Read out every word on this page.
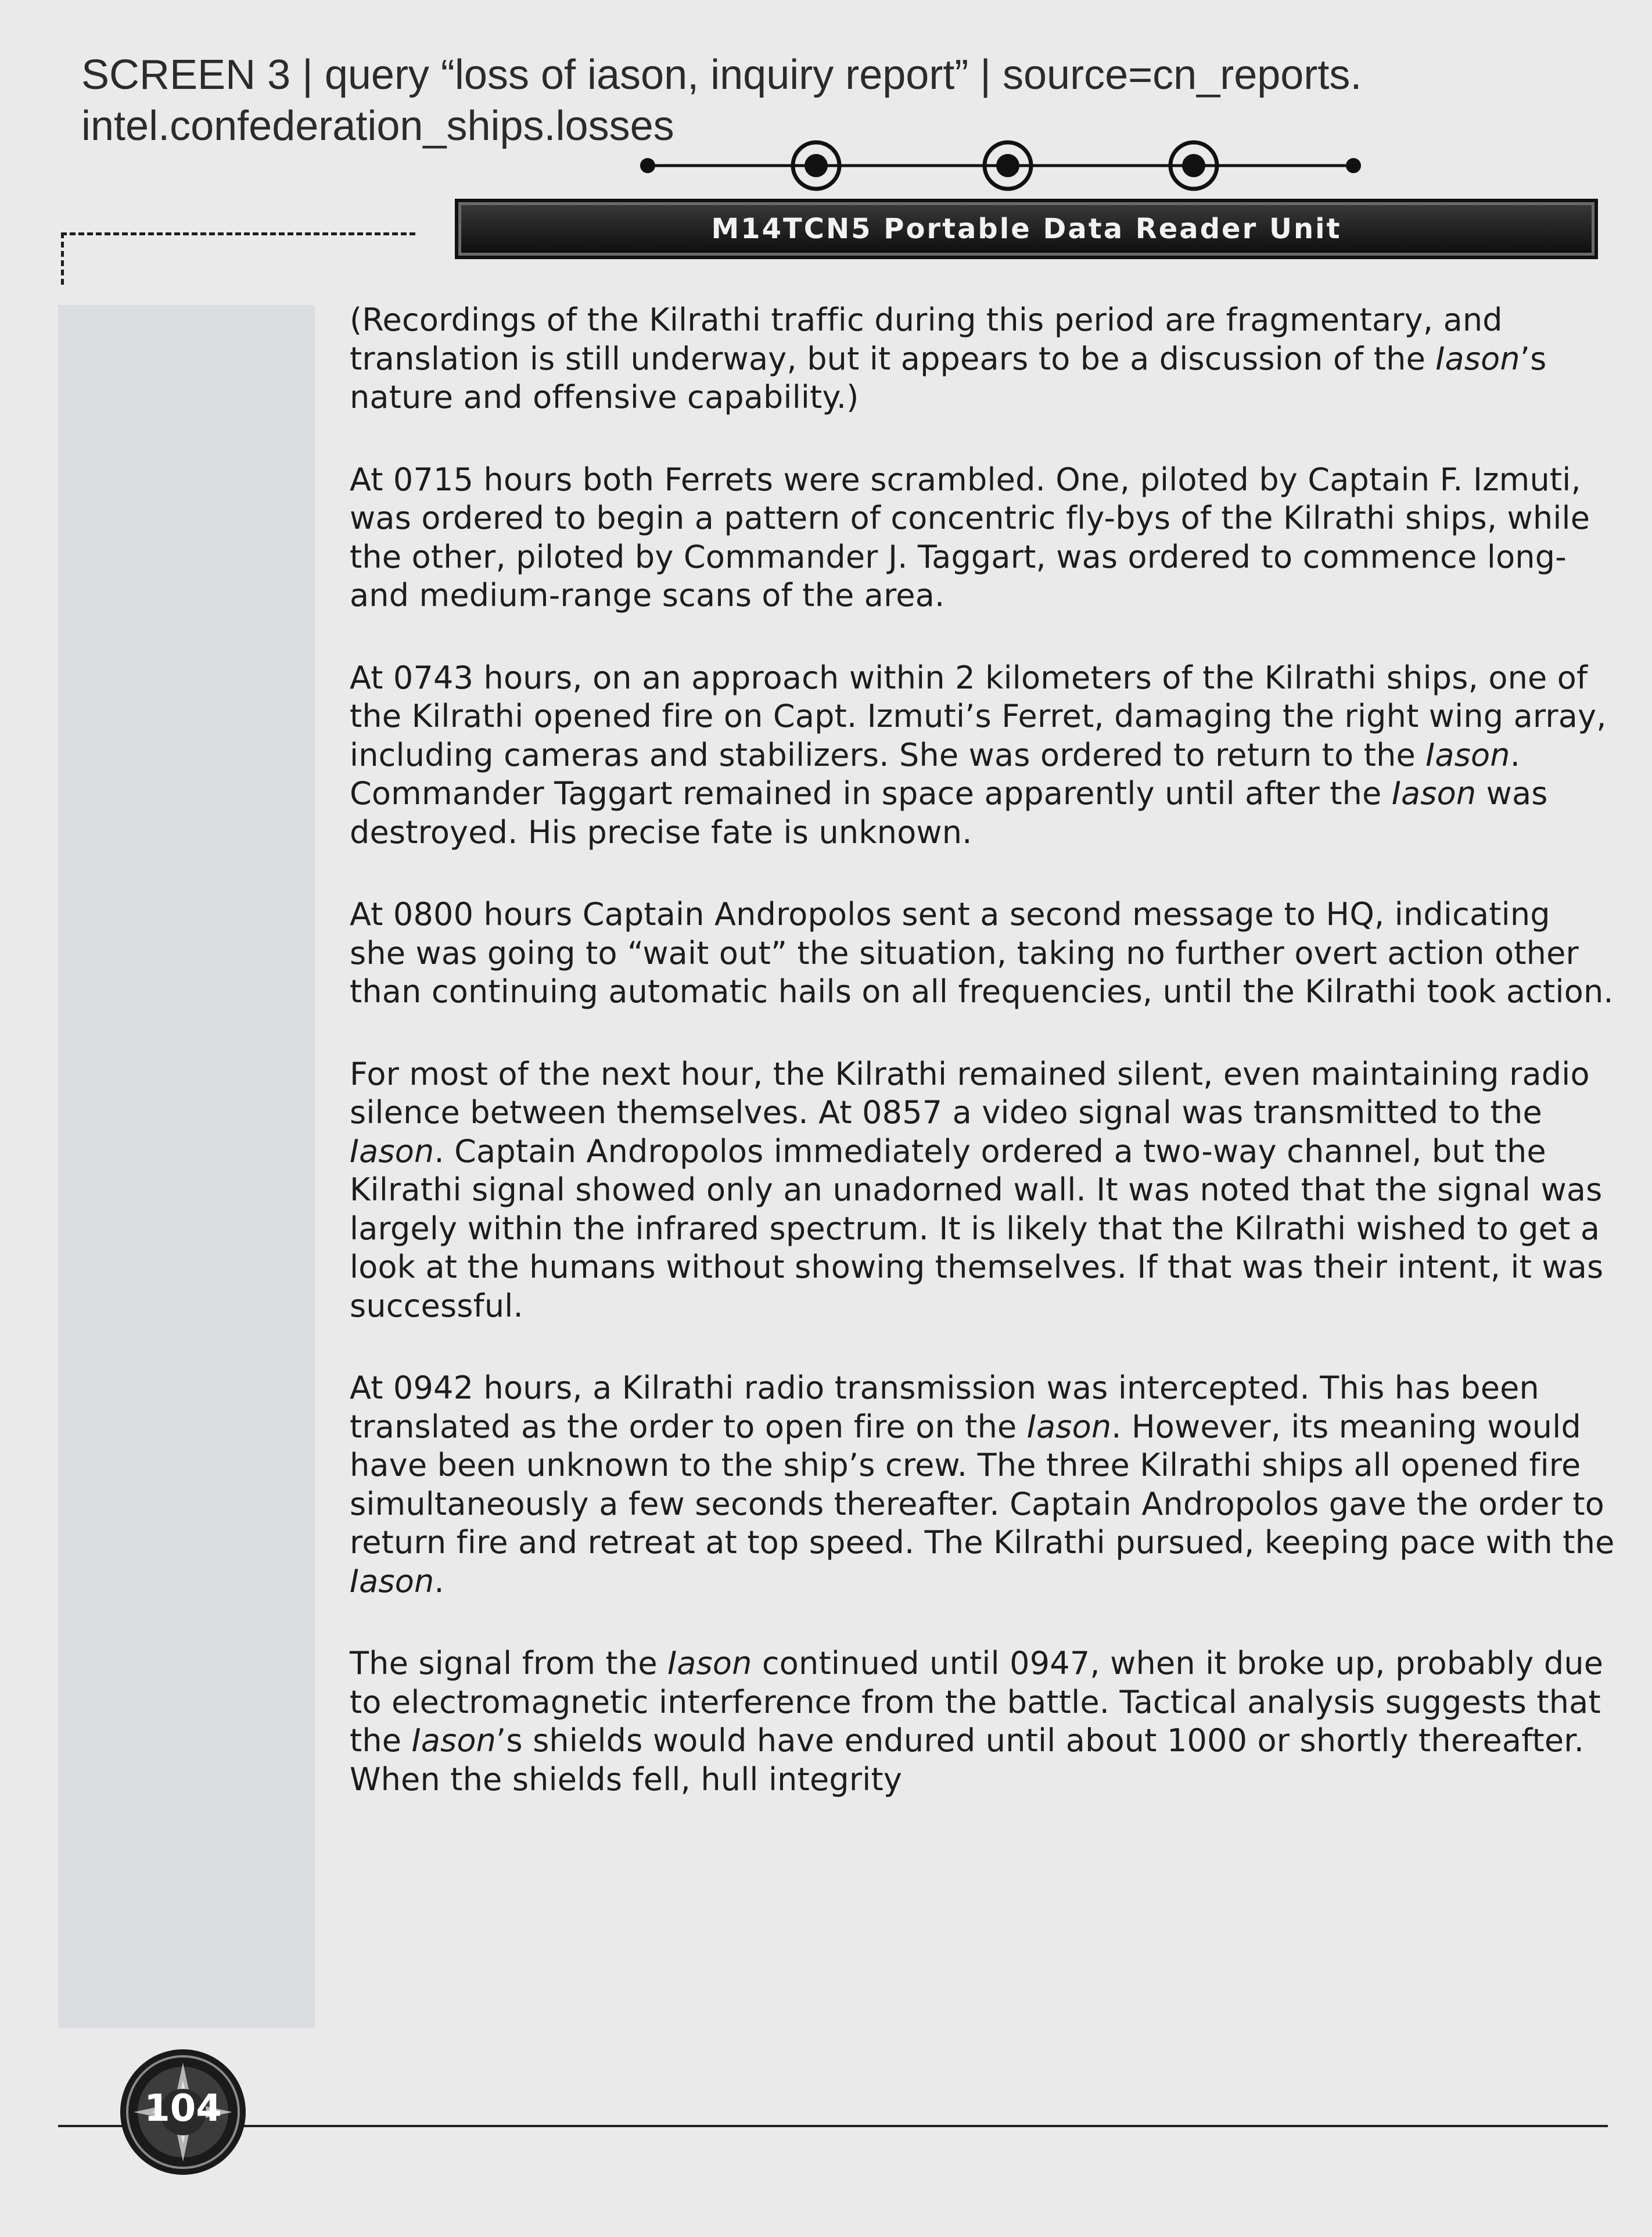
SCREEN 3 | query “loss of iason, inquiry report” | source=cn_reports.
intel.confederation_ships.losses
M14TCN5 Portable Data Reader Unit

(Recordings of the Kilrathi traffic during this period are fragmentary, and translation is still underway, but it appears to be a discussion of the Iason’s nature and offensive capability.)

At 0715 hours both Ferrets were scrambled. One, piloted by Captain F. Izmuti, was ordered to begin a pattern of concentric fly-bys of the Kilrathi ships, while the other, piloted by Commander J. Taggart, was ordered to commence long- and medium-range scans of the area.

At 0743 hours, on an approach within 2 kilometers of the Kilrathi ships, one of the Kilrathi opened fire on Capt. Izmuti’s Ferret, damaging the right wing array, including cameras and stabilizers. She was ordered to return to the Iason. Commander Taggart remained in space apparently until after the Iason was destroyed. His precise fate is unknown.

At 0800 hours Captain Andropolos sent a second message to HQ, indicating she was going to “wait out” the situation, taking no further overt action other than continuing automatic hails on all frequencies, until the Kilrathi took action.

For most of the next hour, the Kilrathi remained silent, even maintaining radio silence between themselves. At 0857 a video signal was transmitted to the Iason. Captain Andropolos immediately ordered a two-way channel, but the Kilrathi signal showed only an unadorned wall. It was noted that the signal was largely within the infrared spectrum. It is likely that the Kilrathi wished to get a look at the humans without showing themselves. If that was their intent, it was successful.

At 0942 hours, a Kilrathi radio transmission was intercepted. This has been translated as the order to open fire on the Iason. However, its meaning would have been unknown to the ship’s crew. The three Kilrathi ships all opened fire simultaneously a few seconds thereafter. Captain Andropolos gave the order to return fire and retreat at top speed. The Kilrathi pursued, keeping pace with the Iason.

The signal from the Iason continued until 0947, when it broke up, probably due to electromagnetic interference from the battle. Tactical analysis suggests that the Iason’s shields would have endured until about 1000 or shortly thereafter. When the shields fell, hull integrity

104
